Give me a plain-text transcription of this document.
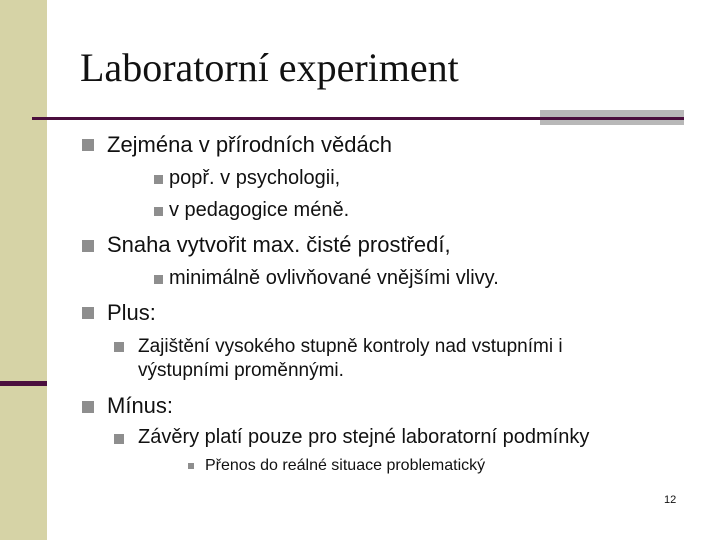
Laboratorní experiment
Zejména v přírodních vědách
popř. v psychologii,
v pedagogice méně.
Snaha vytvořit max. čisté prostředí,
minimálně ovlivňované vnějšími vlivy.
Plus:
Zajištění vysokého stupně kontroly nad vstupními i výstupními proměnnými.
Mínus:
Závěry platí pouze pro stejné laboratorní podmínky
Přenos do reálné situace problematický
12
